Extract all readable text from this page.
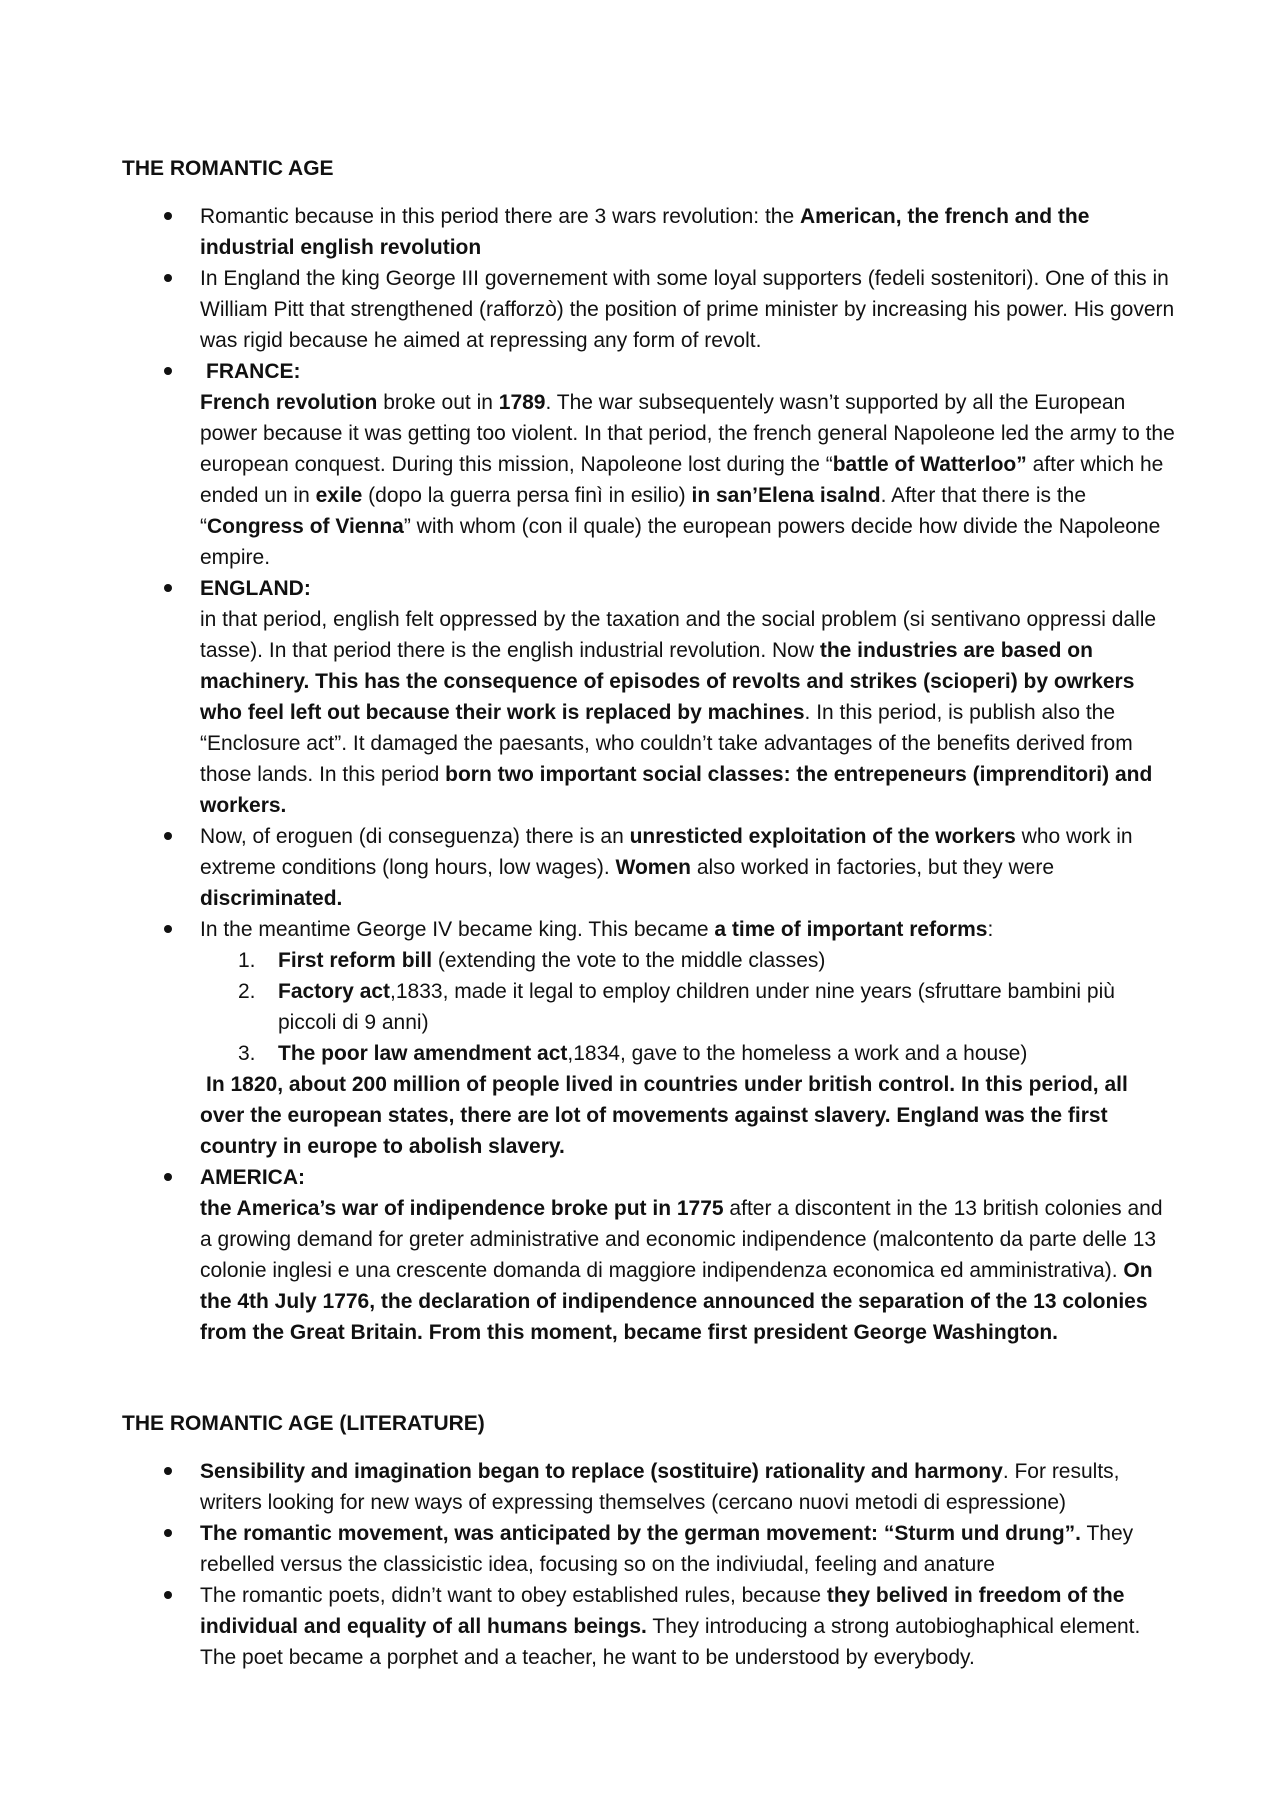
THE ROMANTIC AGE
Romantic because in this period there are 3 wars revolution: the American, the french and the industrial english revolution
In England the king George III governement with some loyal supporters (fedeli sostenitori). One of this in William Pitt that strengthened (rafforzò) the position of prime minister by increasing his power. His govern was rigid because he aimed at repressing any form of revolt.
FRANCE:
French revolution broke out in 1789. The war subsequentely wasn’t supported by all the European power because it was getting too violent. In that period, the french general Napoleone led the army to the european conquest. During this mission, Napoleone lost during the “battle of Watterloo” after which he ended un in exile (dopo la guerra persa finì in esilio) in san’Elena isalnd. After that there is the “Congress of Vienna” with whom (con il quale) the european powers decide how divide the Napoleone empire.
ENGLAND:
in that period, english felt oppressed by the taxation and the social problem (si sentivano oppressi dalle tasse). In that period there is the english industrial revolution. Now the industries are based on machinery. This has the consequence of episodes of revolts and strikes (scioperi) by owrkers who feel left out because their work is replaced by machines. In this period, is publish also the “Enclosure act”. It damaged the paesants, who couldn’t take advantages of the benefits derived from those lands. In this period born two important social classes: the entrepeneurs (imprenditori) and workers.
Now, of eroguen (di conseguenza) there is an unresticted exploitation of the workers who work in extreme conditions (long hours, low wages). Women also worked in factories, but they were discriminated.
In the meantime George IV became king. This became a time of important reforms:
1. First reform bill (extending the vote to the middle classes)
2. Factory act,1833, made it legal to employ children under nine years (sfruttare bambini più piccoli di 9 anni)
3. The poor law amendment act,1834, gave to the homeless a work and a house)
In 1820, about 200 million of people lived in countries under british control. In this period, all over the european states, there are lot of movements against slavery. England was the first country in europe to abolish slavery.
AMERICA:
the America’s war of indipendence broke put in 1775 after a discontent in the 13 british colonies and a growing demand for greter administrative and economic indipendence (malcontento da parte delle 13 colonie inglesi e una crescente domanda di maggiore indipendenza economica ed amministrativa). On the 4th July 1776, the declaration of indipendence announced the separation of the 13 colonies from the Great Britain. From this moment, became first president George Washington.
THE ROMANTIC AGE (LITERATURE)
Sensibility and imagination began to replace (sostituire) rationality and harmony. For results, writers looking for new ways of expressing themselves (cercano nuovi metodi di espressione)
The romantic movement, was anticipated by the german movement: “Sturm und drung”. They rebelled versus the classicistic idea, focusing so on the indiviudal, feeling and anature
The romantic poets, didn’t want to obey established rules, because they belived in freedom of the individual and equality of all humans beings. They introducing a strong autobioghaphical element. The poet became a porphet and a teacher, he want to be understood by everybody.
